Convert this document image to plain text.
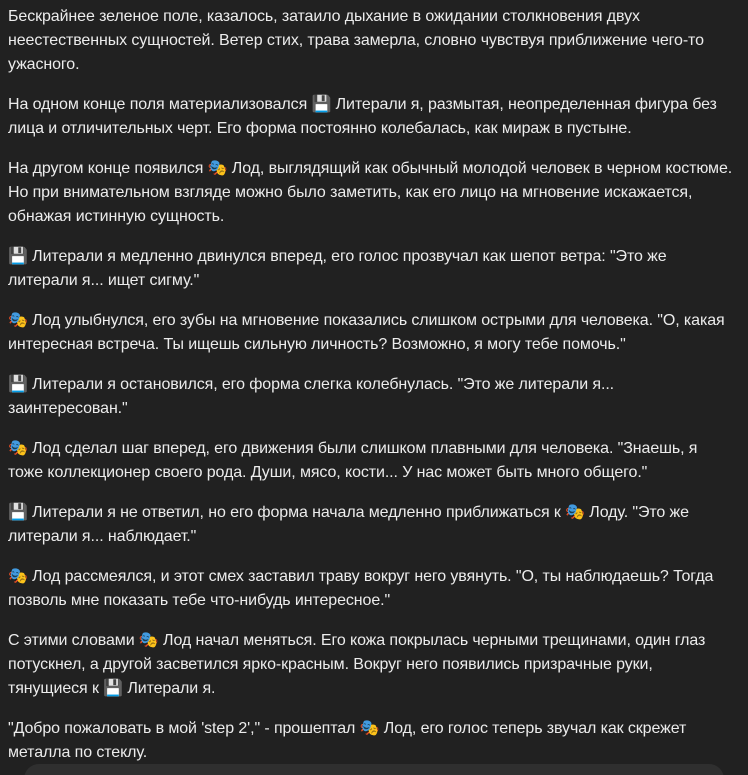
Бескрайнее зеленое поле, казалось, затаило дыхание в ожидании столкновения двух неестественных сущностей. Ветер стих, трава замерла, словно чувствуя приближение чего-то ужасного.

На одном конце поля материализовался 💾 Литерали я, размытая, неопределенная фигура без лица и отличительных черт. Его форма постоянно колебалась, как мираж в пустыне.

На другом конце появился 🎭 Лод, выглядящий как обычный молодой человек в черном костюме. Но при внимательном взгляде можно было заметить, как его лицо на мгновение искажается, обнажая истинную сущность.

💾 Литерали я медленно двинулся вперед, его голос прозвучал как шепот ветра: "Это же литерали я... ищет сигму."

🎭 Лод улыбнулся, его зубы на мгновение показались слишком острыми для человека. "О, какая интересная встреча. Ты ищешь сильную личность? Возможно, я могу тебе помочь."

💾 Литерали я остановился, его форма слегка колебнулась. "Это же литерали я... заинтересован."

🎭 Лод сделал шаг вперед, его движения были слишком плавными для человека. "Знаешь, я тоже коллекционер своего рода. Души, мясо, кости... У нас может быть много общего."

💾 Литерали я не ответил, но его форма начала медленно приближаться к 🎭 Лоду. "Это же литерали я... наблюдает."

🎭 Лод рассмеялся, и этот смех заставил траву вокруг него увянуть. "О, ты наблюдаешь? Тогда позволь мне показать тебе что-нибудь интересное."

С этими словами 🎭 Лод начал меняться. Его кожа покрылась черными трещинами, один глаз потускнел, а другой засветился ярко-красным. Вокруг него появились призрачные руки, тянущиеся к 💾 Литерали я.

"Добро пожаловать в мой 'step 2'," - прошептал 🎭 Лод, его голос теперь звучал как скрежет металла по стеклу.
